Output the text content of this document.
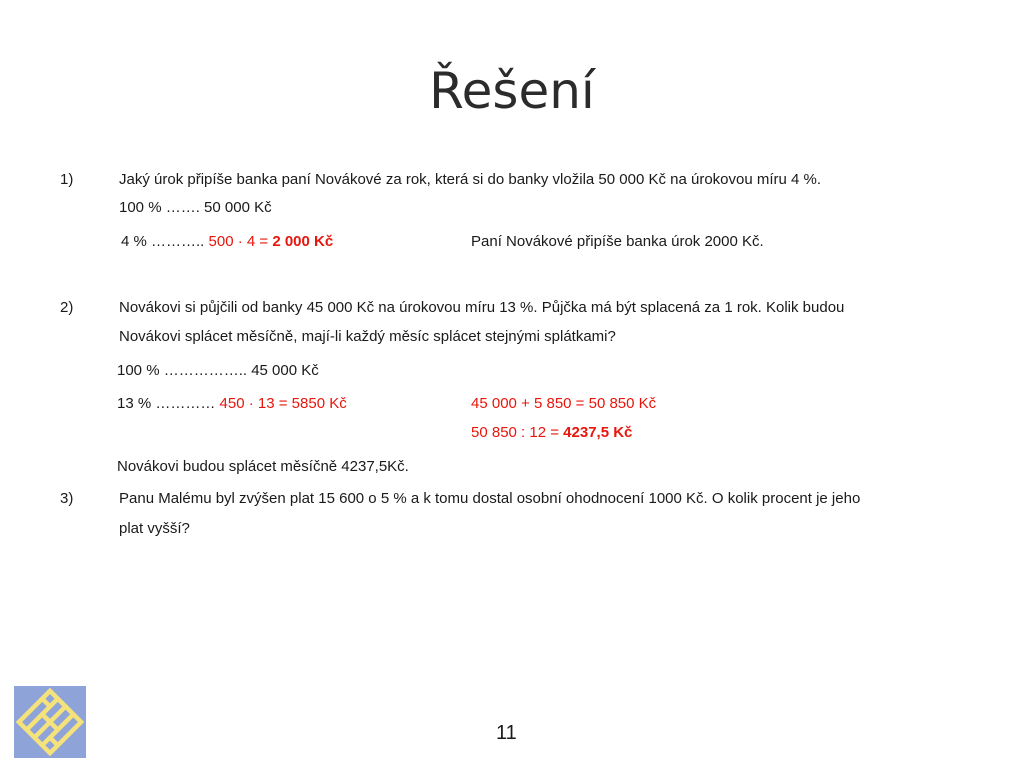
Řešení
1)	Jaký úrok připíše banka paní Novákové za rok, která si do banky vložila 50 000 Kč na úrokovou míru 4 %.
100 % ……. 50 000 Kč
4 % ……….. 500 · 4 = 2 000 Kč	Paní Novákové připíše banka úrok 2000 Kč.
2)	Novákovi si půjčili od banky 45 000 Kč na úrokovou míru 13 %. Půjčka má být splacená za 1 rok. Kolik budou
Novákovi splácet měsíčně, mají-li každý měsíc splácet stejnými splátkami?
100 % …………….. 45 000 Kč
13 % ………… 450 · 13 = 5850 Kč	45 000 + 5 850 = 50 850 Kč
50 850 : 12 = 4237,5 Kč
Novákovi budou splácet měsíčně 4237,5Kč.
3)	Panu Malému byl zvýšen plat 15 600 o 5 % a k tomu dostal osobní ohodnocení 1000 Kč. O kolik procent je jeho
plat vyšší?
11
